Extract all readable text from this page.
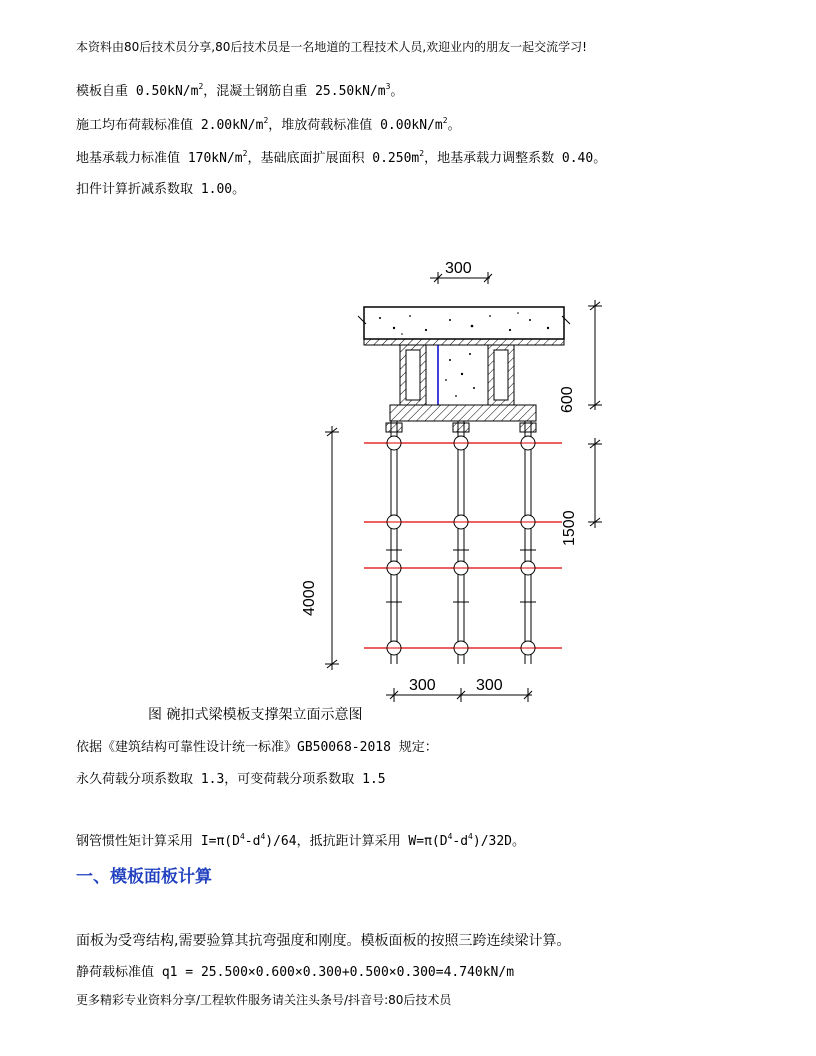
本资料由80后技术员分享,80后技术员是一名地道的工程技术人员,欢迎业内的朋友一起交流学习!
模板自重 $0.50kN/m^2$，混凝土钢筋自重 $25.50kN/m^3$。
施工均布荷载标准值 $2.00kN/m^2$，堆放荷载标准值 $0.00kN/m^2$。
地基承载力标准值 $170kN/m^2$，基础底面扩展面积 $0.250m^2$，地基承载力调整系数 0.40。
扣件计算折减系数取 1.00。
300
600
1500
4000
300	300
图 碗扣式梁模板支撑架立面示意图
依据《建筑结构可靠性设计统一标准》GB50068-2018 规定：
永久荷载分项系数取 1.3，可变荷载分项系数取 1.5
钢管惯性矩计算采用 $I=\pi(D^4-d^4)/64$，抵抗距计算采用 $W=\pi(D^4-d^4)/32D$。
一、模板面板计算
面板为受弯结构,需要验算其抗弯强度和刚度。模板面板的按照三跨连续梁计算。
静荷载标准值 q1 = 25.500×0.600×0.300+0.500×0.300=4.740kN/m
更多精彩专业资料分享/工程软件服务请关注头条号/抖音号:80后技术员
